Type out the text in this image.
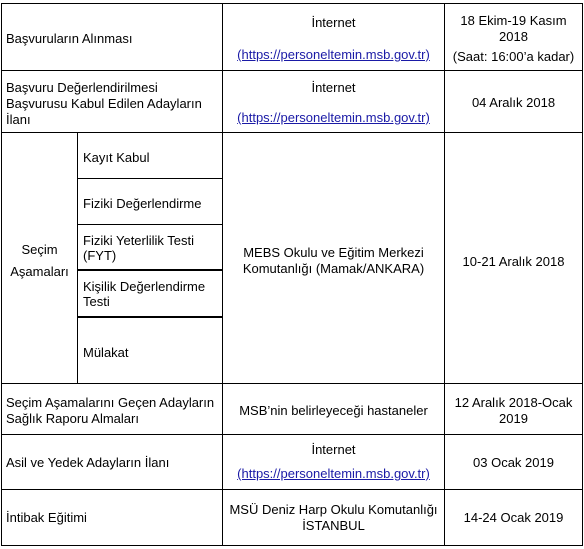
Başvuruların Alınması
İnternet
(https://personeltemin.msb.gov.tr)
18 Ekim-19 Kasım
2018
(Saat: 16:00’a kadar)
Başvuru Değerlendirilmesi
Başvurusu Kabul Edilen Adayların
İlanı
İnternet
(https://personeltemin.msb.gov.tr)
04 Aralık 2018
Seçim
Aşamaları
Kayıt Kabul
Fiziki Değerlendirme
Fiziki Yeterlilik Testi
(FYT)
Kişilik Değerlendirme
Testi
Mülakat
MEBS Okulu ve Eğitim Merkezi
Komutanlığı (Mamak/ANKARA)	10-21 Aralık 2018
Seçim Aşamalarını Geçen Adayların
Sağlık Raporu Almaları
MSB’nin belirleyeceği hastaneler
12 Aralık 2018-Ocak
2019
Asil ve Yedek Adayların İlanı
İnternet
(https://personeltemin.msb.gov.tr)
03 Ocak 2019
İntibak Eğitimi
MSÜ Deniz Harp Okulu Komutanlığı
İSTANBUL
14-24 Ocak 2019
